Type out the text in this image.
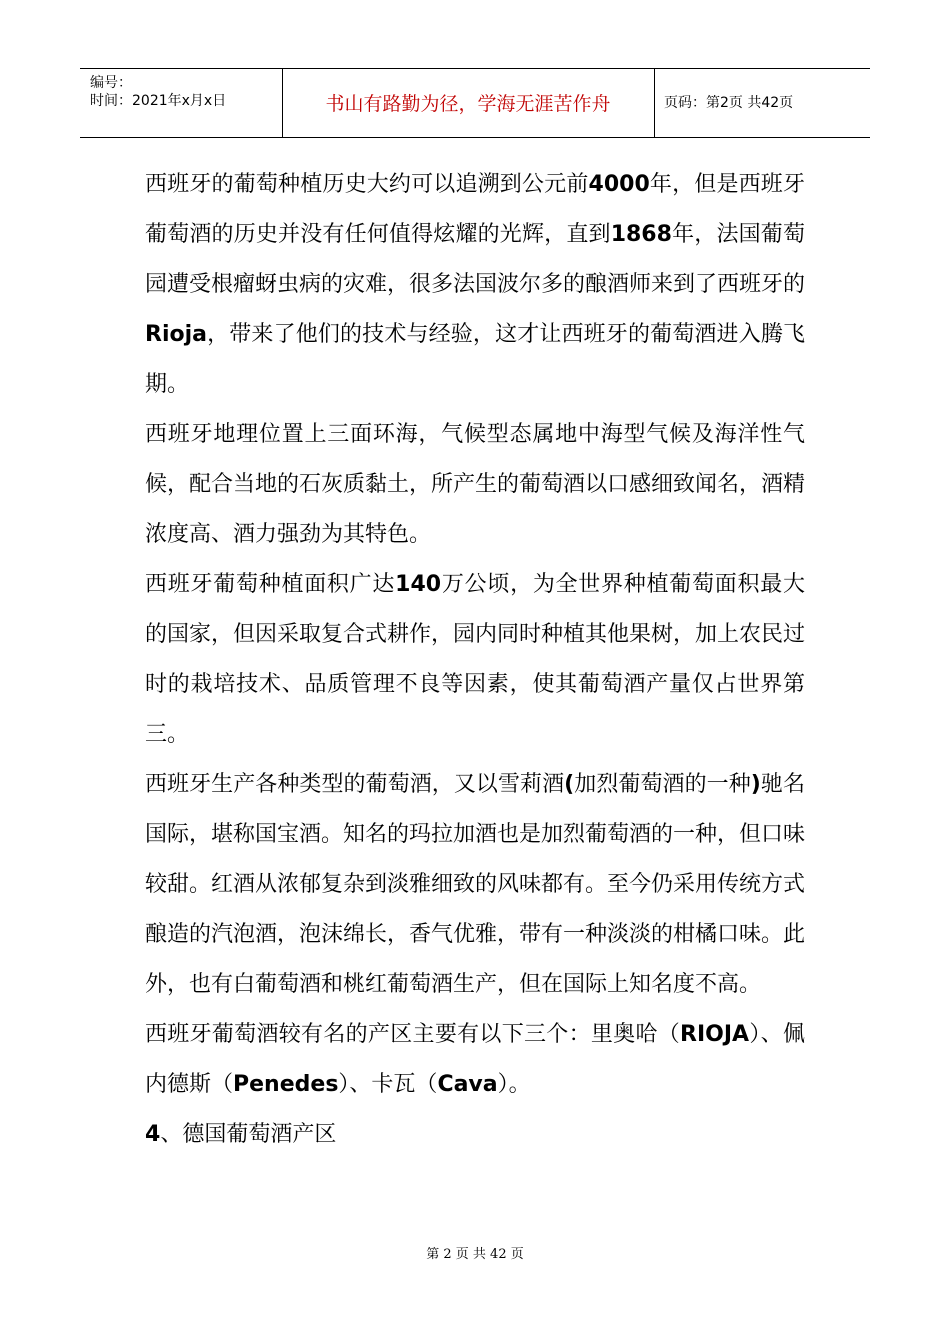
编号：
时间：2021年x月x日	书山有路勤为径，学海无涯苦作舟	页码：第2页 共42页

西班牙的葡萄种植历史大约可以追溯到公元前4000年，但是西班牙葡萄酒的历史并没有任何值得炫耀的光辉，直到1868年，法国葡萄园遭受根瘤蚜虫病的灾难，很多法国波尔多的酿酒师来到了西班牙的Rioja，带来了他们的技术与经验，这才让西班牙的葡萄酒进入腾飞期。

西班牙地理位置上三面环海，气候型态属地中海型气候及海洋性气候，配合当地的石灰质黏土，所产生的葡萄酒以口感细致闻名，酒精浓度高、酒力强劲为其特色。

西班牙葡萄种植面积广达140万公顷，为全世界种植葡萄面积最大的国家，但因采取复合式耕作，园内同时种植其他果树，加上农民过时的栽培技术、品质管理不良等因素，使其葡萄酒产量仅占世界第三。

西班牙生产各种类型的葡萄酒，又以雪莉酒(加烈葡萄酒的一种)驰名国际，堪称国宝酒。知名的玛拉加酒也是加烈葡萄酒的一种，但口味较甜。红酒从浓郁复杂到淡雅细致的风味都有。至今仍采用传统方式酿造的汽泡酒，泡沫绵长，香气优雅，带有一种淡淡的柑橘口味。此外，也有白葡萄酒和桃红葡萄酒生产，但在国际上知名度不高。

西班牙葡萄酒较有名的产区主要有以下三个：里奥哈（RIOJA）、佩内德斯（Penedes）、卡瓦（Cava）。

4、德国葡萄酒产区

第 2 页 共 42 页
